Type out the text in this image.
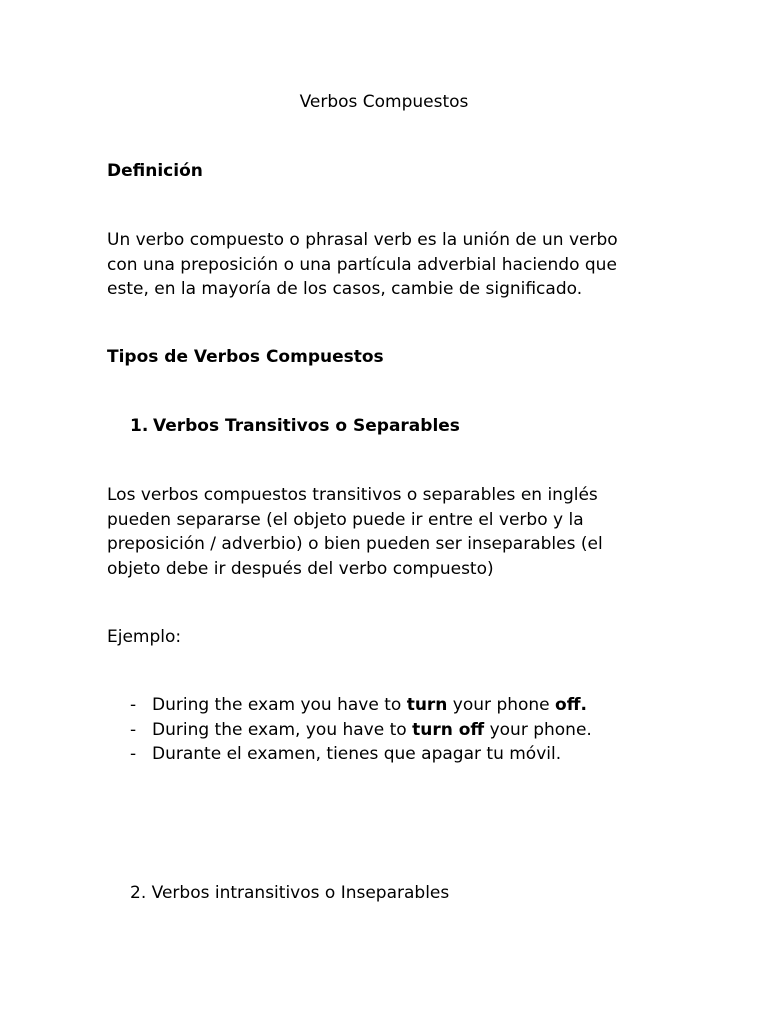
Verbos Compuestos

Definición

Un verbo compuesto o phrasal verb es la unión de un verbo
con una preposición o una partícula adverbial haciendo que
este, en la mayoría de los casos, cambie de significado.

Tipos de Verbos Compuestos

1. Verbos Transitivos o Separables

Los verbos compuestos transitivos o separables en inglés
pueden separarse (el objeto puede ir entre el verbo y la
preposición / adverbio) o bien pueden ser inseparables (el
objeto debe ir después del verbo compuesto)

Ejemplo:

- During the exam you have to turn your phone off.
- During the exam, you have to turn off your phone.
- Durante el examen, tienes que apagar tu móvil.

2. Verbos intransitivos o Inseparables
